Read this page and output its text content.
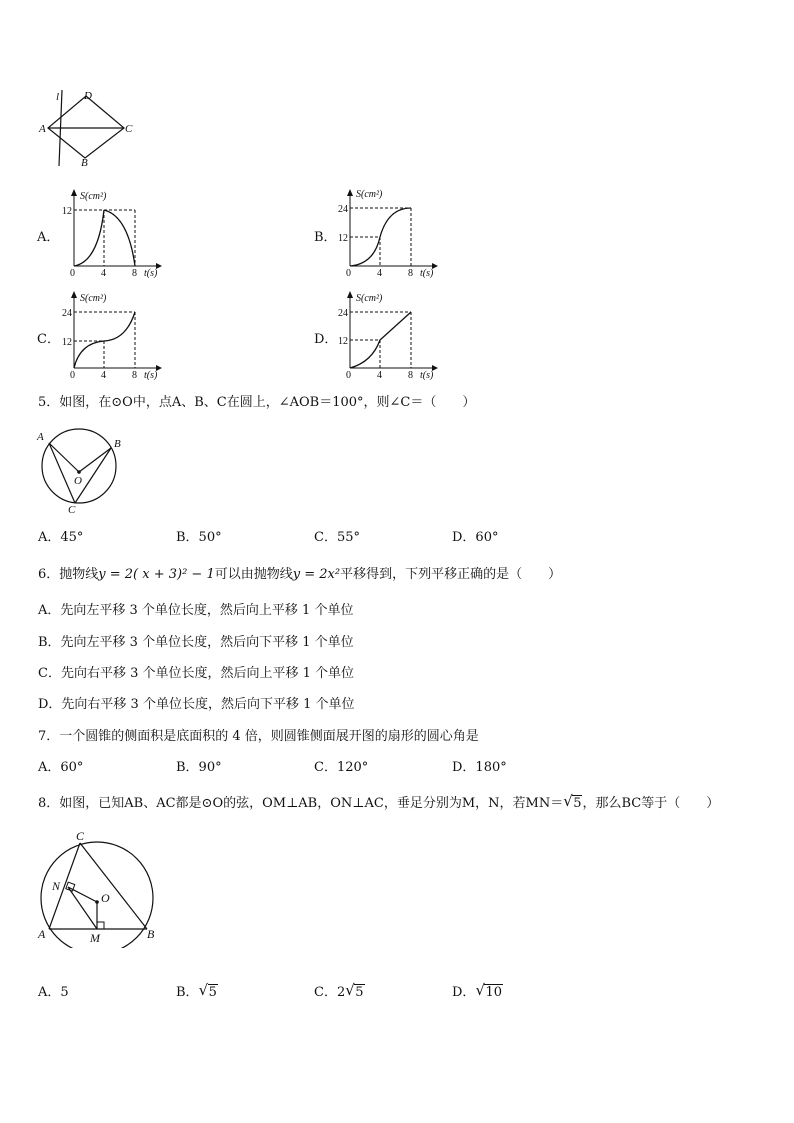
l D
A	C
B
A．
S(cm²)
12
0	4	8 t(s)
B．
S(cm²)
24
12
0	4	8 t(s)
C．
S(cm²)
24
12
0	4	8 t(s)
D．
S(cm²)
24
12
0	4	8 t(s)
5．如图，在⊙O中，点A、B、C在圆上，∠AOB＝100°，则∠C＝（　　）
A
B
O
C
A．45°	B．50°	C．55°	D．60°
6．抛物线y = 2( x + 3)² − 1可以由抛物线y = 2x²平移得到，下列平移正确的是（　　）
A．先向左平移 3 个单位长度，然后向上平移 1 个单位
B．先向左平移 3 个单位长度，然后向下平移 1 个单位
C．先向右平移 3 个单位长度，然后向上平移 1 个单位
D．先向右平移 3 个单位长度，然后向下平移 1 个单位
7．一个圆锥的侧面积是底面积的 4 倍，则圆锥侧面展开图的扇形的圆心角是
A．60°	B．90°	C．120°	D．180°
8．如图，已知AB、AC都是⊙O的弦，OM⊥AB，ON⊥AC，垂足分别为M，N，若MN＝ √ 5，那么BC等于（　　）
C
N
O
A	M	B
A．5	B． √ 5	C．2 √ 5	D． √ 10
